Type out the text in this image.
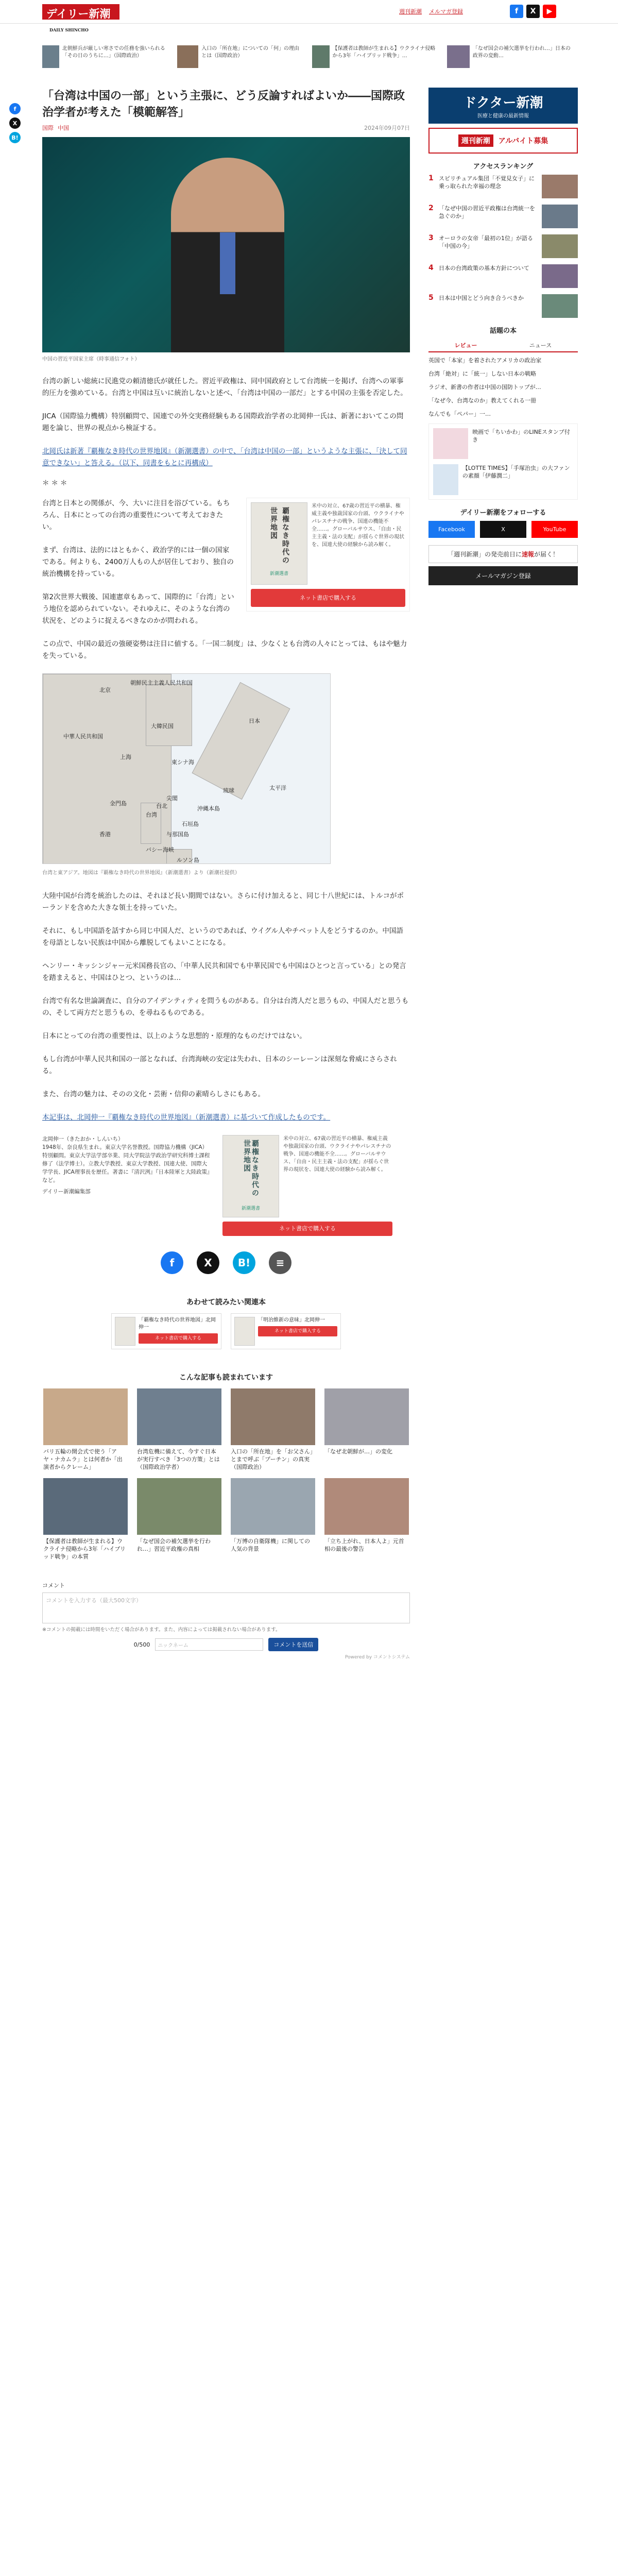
デイリー新潮DAILY SHINCHO
週刊新潮 メルマガ登録	f	X	▶
北朝鮮兵が厳しい寒さでの任務を強いられる「その日のうちに…」（国際政治）
入口の「所在地」についての「何」の理由とは（国際政治）
【保護者は教師が生まれる】ウクライナ侵略から3年「ハイブリッド戦争」…
「なぜ国会の補欠選挙を行われ…」日本の政界の変動…
f
X
B!
「台湾は中国の一部」という主張に、どう反論すればよいか――国際政治学者が考えた「模範解答」
国際 中国	2024年09月07日
中国の習近平国家主席（時事通信フォト）

台湾の新しい総統に民進党の頼清徳氏が就任した。習近平政権は、同中国政府として台湾統一を掲げ、台湾への軍事的圧力を強めている。台湾と中国は互いに統治しないと述べ、「台湾は中国の一部だ」とする中国の主張を否定した。

JICA（国際協力機構）特別顧問で、国連での外交実務経験もある国際政治学者の北岡伸一氏は、新著においてこの問題を論じ、世界の視点から検証する。

北岡氏は新著『覇権なき時代の世界地図』（新潮選書）の中で、「台湾は中国の一部」というような主張に、「決して同意できない」と答える。（以下、同書をもとに再構成）

＊＊＊
覇権なき時代の世界地図
新潮選書
米中の対立、67歳の習近平の横暴、権威主義や独裁国家の台頭、ウクライナやパレスチナの戦争、国連の機能不全……。グローバルサウス、「自由・民主主義・法の支配」が揺らぐ世界の現状を、国連大使の経験から読み解く。
ネット書店で購入する

台湾と日本との関係が、今、大いに注目を浴びている。もちろん、日本にとっての台湾の重要性について考えておきたい。

まず、台湾は、法的にはともかく、政治学的には一個の国家である。何よりも、2400万人もの人が居住しており、独自の統治機構を持っている。

第2次世界大戦後、国連憲章もあって、国際的に「台湾」という地位を認められていない。それゆえに、そのような台湾の状況を、どのように捉えるべきなのかが問われる。

この点で、中国の最近の強硬姿勢は注目に値する。「一国二制度」は、少なくとも台湾の人々にとっては、もはや魅力を失っている。

北京
朝鮮民主主義人民共和国
大韓民国
中華人民共和国
日本
上海
東シナ海
琉球
台湾
尖閣
沖縄本島
太平洋
香港
金門島	台北
石垣島
与那国島
バシー海峡
ルソン島
台湾と東アジア。地図は『覇権なき時代の世界地図』（新潮選書）より（新潮社提供）

大陸中国が台湾を統治したのは、それほど長い期間ではない。さらに付け加えると、同じ十八世紀には、トルコがポーランドを含めた大きな領土を持っていた。

それに、もし中国語を話すから同じ中国人だ、というのであれば、ウイグル人やチベット人をどうするのか。中国語を母語としない民族は中国から離脱してもよいことになる。

ヘンリー・キッシンジャー元米国務長官の、「中華人民共和国でも中華民国でも中国はひとつと言っている」との発言を踏まえると、中国はひとつ、というのは…

台湾で有名な世論調査に、自分のアイデンティティを問うものがある。自分は台湾人だと思うもの、中国人だと思うもの、そして両方だと思うもの、を尋ねるものである。

日本にとっての台湾の重要性は、以上のような思想的・原理的なものだけではない。

もし台湾が中華人民共和国の一部となれば、台湾海峡の安定は失われ、日本のシーレーンは深刻な脅威にさらされる。

また、台湾の魅力は、そのの文化・芸術・信仰の素晴らしさにもある。

本記事は、北岡伸一『覇権なき時代の世界地図』（新潮選書）に基づいて作成したものです。

北岡伸一（きたおか・しんいち）
1948年、奈良県生まれ。東京大学名誉教授。国際協力機構（JICA）特別顧問。東京大学法学部卒業、同大学院法学政治学研究科博士課程修了（法学博士）。立教大学教授、東京大学教授、国連大使、国際大学学長、JICA理事長を歴任。著書に『清沢洌』『日本陸軍と大陸政策』など。
デイリー新潮編集部	覇権なき時代の世界地図
新潮選書
米中の対立、67歳の習近平の横暴、権威主義や独裁国家の台頭、ウクライナやパレスチナの戦争、国連の機能不全……。グローバルサウス、「自由・民主主義・法の支配」が揺らぐ世界の現状を、国連大使の経験から読み解く。
ネット書店で購入する
f	X	B!	≡
あわせて読みたい関連本
「覇権なき時代の世界地図」北岡伸一
ネット書店で購入する
「明治維新の意味」北岡伸一
ネット書店で購入する
こんな記事も読まれています
バリ五輪の開会式で使う「アヤ・ナカムラ」とは何者か「出演者からクレーム」
台湾危機に備えて、今すぐ日本が実行すべき「3つの方策」とは（国際政治学者）
入口の「所在地」を「お父さん」とまで呼ぶ「プーチン」の真実（国際政治）
「なぜ北朝鮮が…」の変化
【保護者は教師が生まれる】ウクライナ侵略から3年「ハイブリッド戦争」の本質
「なぜ国会の補欠選挙を行われ…」習近平政権の真相
「万博の自衛隊機」に関しての人気の背景
「立ち上がれ、日本人よ」元首相の最後の警告
コメント
コメントを入力する（最大500文字）
※コメントの掲載には時間をいただく場合があります。また、内容によっては掲載されない場合があります。
0/500	ニックネーム	コメントを送信
Powered by コメントシステム
ドクター新潮
医療と健康の最新情報
週刊新潮	アルバイト募集
アクセスランキング
1 スピリチュアル集団「不覚見女子」に乗っ取られた幸福の理念
2 「なぜ中国の習近平政権は台湾統一を急ぐのか」
3 オーロラの女帝「最初の1位」が語る「中国の今」
4 日本の台湾政策の基本方針について
5 日本は中国とどう向き合うべきか
話題の本
レビュー	ニュース

英国で「本家」を着されたアメリカの政治家

台湾「絶対」に「統一」しない日本の戦略

ラジオ、新書の作者は中国の国防トップが…

「なぜ今、台湾なのか」教えてくれる一冊

なんでも「ぺパー」一…

映画で「ちいかわ」のLINEスタンプ付き
【LOTTE TIMES】「手塚治虫」の大ファンの素顔「伊藤潤二」
デイリー新潮をフォローする
Facebook	X	YouTube
「週刊新潮」の発売前日に速報が届く！
メールマガジン登録
